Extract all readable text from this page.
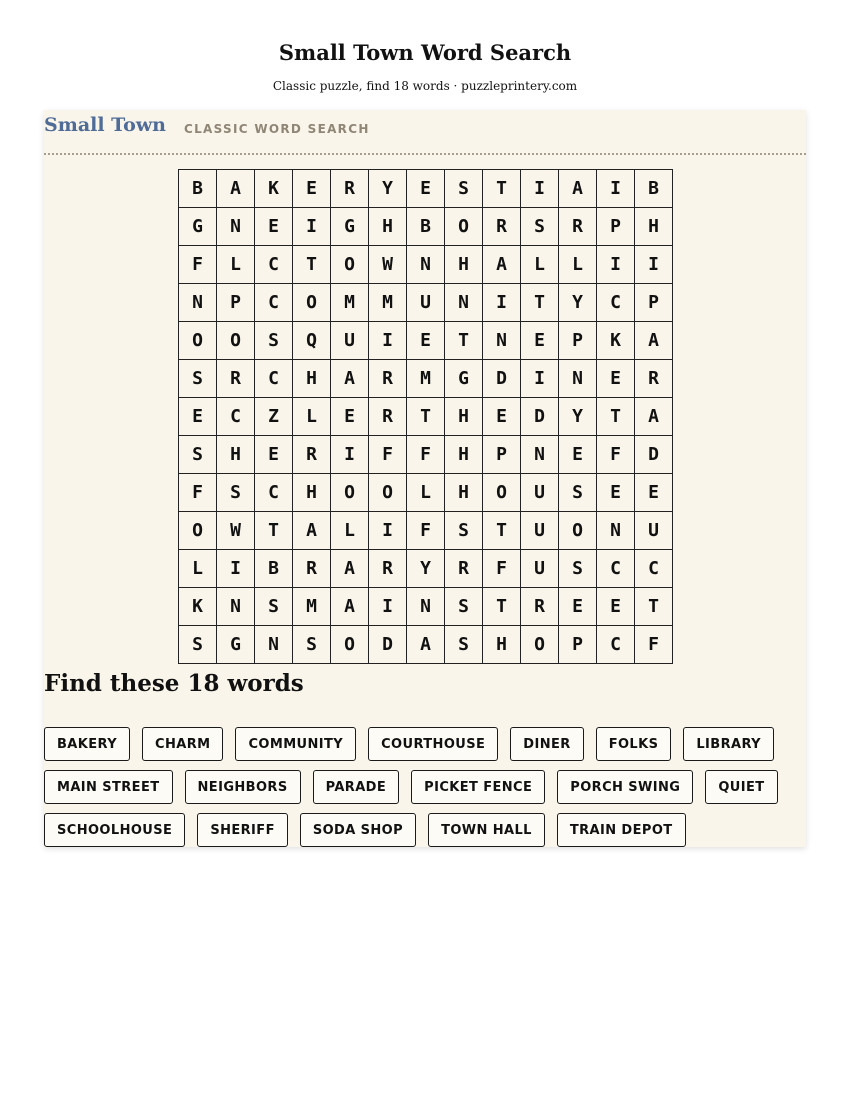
Small Town Word Search
Classic puzzle, find 18 words · puzzleprintery.com
Small Town CLASSIC WORD SEARCH
B	A	K	E	R	Y	E	S	T	I	A	I	B
G	N	E	I	G	H	B	O	R	S	R	P	H
F	L	C	T	O	W	N	H	A	L	L	I	I
N	P	C	O	M	M	U	N	I	T	Y	C	P
O	O	S	Q	U	I	E	T	N	E	P	K	A
S	R	C	H	A	R	M	G	D	I	N	E	R
E	C	Z	L	E	R	T	H	E	D	Y	T	A
S	H	E	R	I	F	F	H	P	N	E	F	D
F	S	C	H	O	O	L	H	O	U	S	E	E
O	W	T	A	L	I	F	S	T	U	O	N	U
L	I	B	R	A	R	Y	R	F	U	S	C	C
K	N	S	M	A	I	N	S	T	R	E	E	T
S	G	N	S	O	D	A	S	H	O	P	C	F
Find these 18 words
BAKERY	CHARM	COMMUNITY	COURTHOUSE	DINER	FOLKS	LIBRARY
MAIN STREET	NEIGHBORS	PARADE	PICKET FENCE	PORCH SWING	QUIET
SCHOOLHOUSE	SHERIFF	SODA SHOP	TOWN HALL	TRAIN DEPOT
